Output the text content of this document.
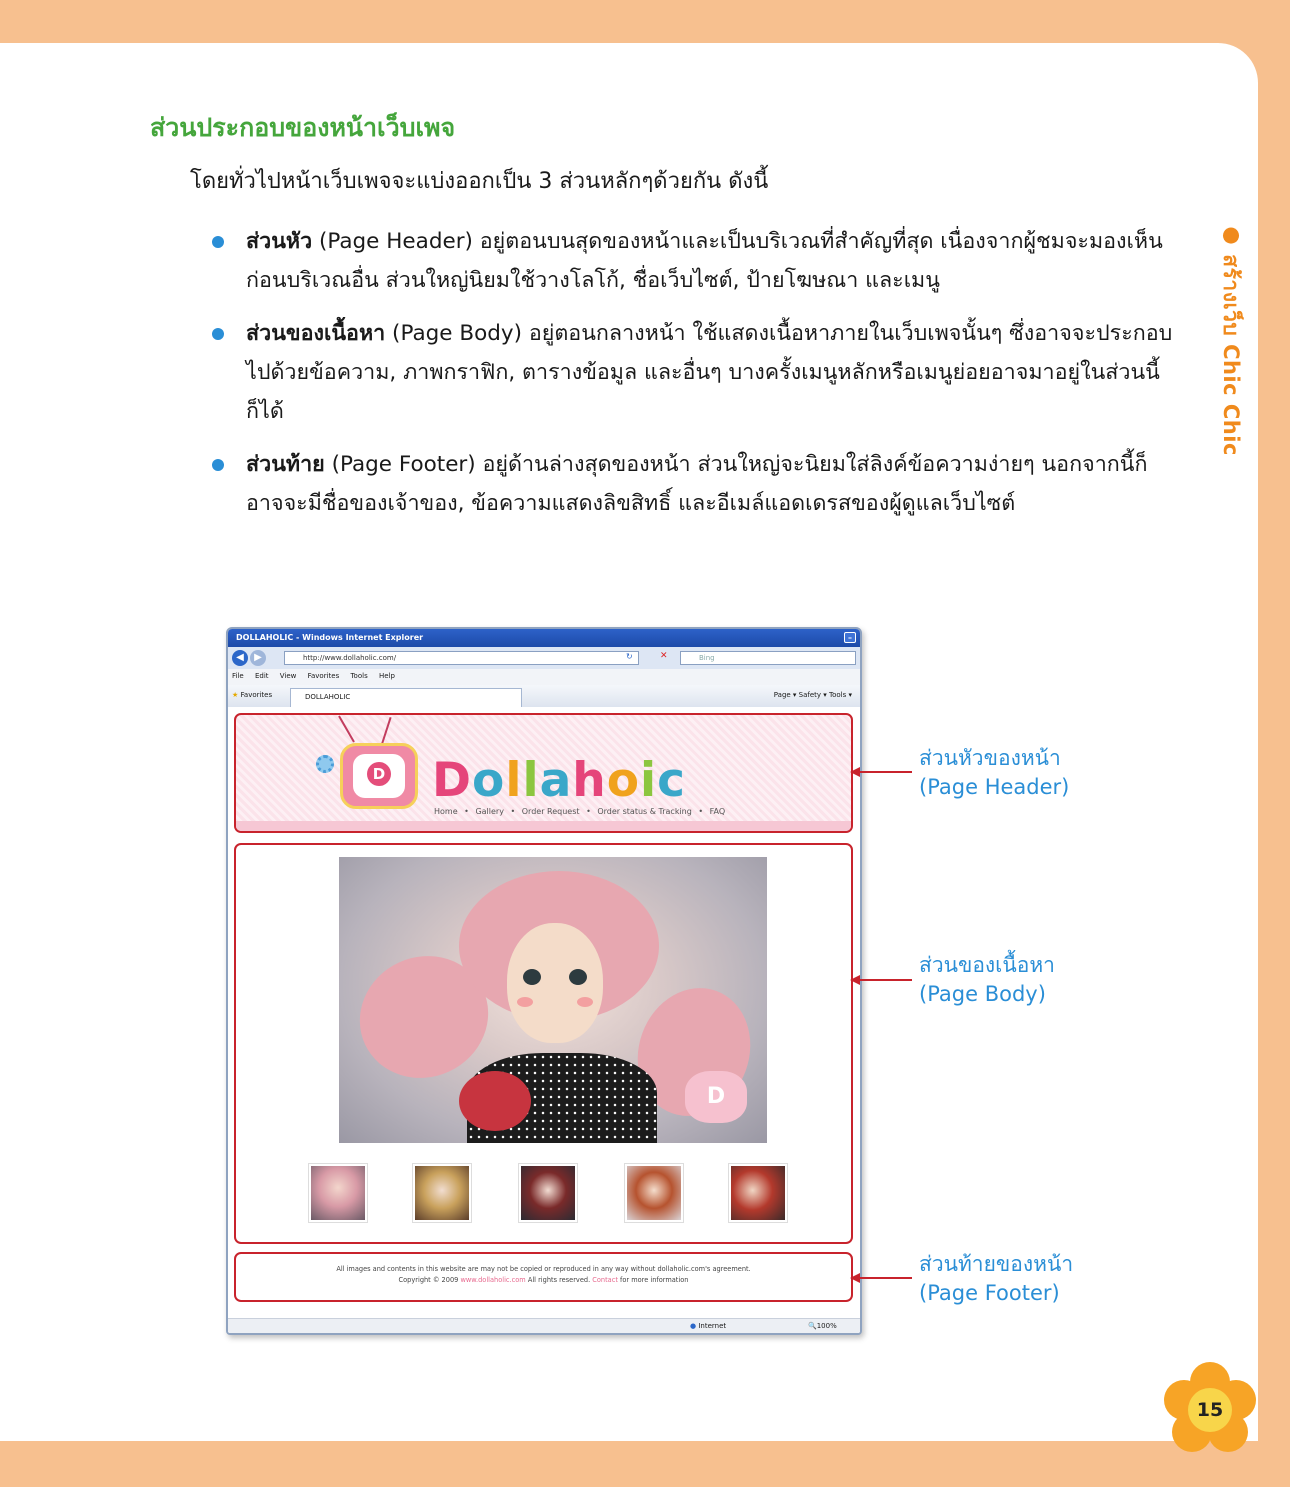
● สร้างเว็บ Chic Chic
ส่วนประกอบของหน้าเว็บเพจ
โดยทั่วไปหน้าเว็บเพจจะแบ่งออกเป็น 3 ส่วนหลักๆด้วยกัน ดังนี้
ส่วนหัว (Page Header) อยู่ตอนบนสุดของหน้าและเป็นบริเวณที่สำคัญที่สุด เนื่องจากผู้ชมจะมองเห็นก่อนบริเวณอื่น ส่วนใหญ่นิยมใช้วางโลโก้, ชื่อเว็บไซต์, ป้ายโฆษณา และเมนู
ส่วนของเนื้อหา (Page Body) อยู่ตอนกลางหน้า ใช้แสดงเนื้อหาภายในเว็บเพจนั้นๆ ซึ่งอาจจะประกอบไปด้วยข้อความ, ภาพกราฟิก, ตารางข้อมูล และอื่นๆ บางครั้งเมนูหลักหรือเมนูย่อยอาจมาอยู่ในส่วนนี้ก็ได้
ส่วนท้าย (Page Footer) อยู่ด้านล่างสุดของหน้า ส่วนใหญ่จะนิยมใส่ลิงค์ข้อความง่ายๆ นอกจากนี้ก็อาจจะมีชื่อของเจ้าของ, ข้อความแสดงลิขสิทธิ์ และอีเมล์แอดเดรสของผู้ดูแลเว็บไซต์
DOLLAHOLIC - Windows Internet Explorer	–
◀	▶	http://www.dollaholic.com/	↻	✕	Bing
File Edit View Favorites Tools Help
★ Favorites	DOLLAHOLIC	Page ▾ Safety ▾ Tools ▾
D Dollahoic
Home • Gallery • Order Request • Order status & Tracking • FAQ
D
All images and contents in this website are may not be copied or reproduced in any way without dollaholic.com's agreement.
Copyright © 2009 www.dollaholic.com All rights reserved. Contact for more information
● Internet	🔍100%
ส่วนหัวของหน้า
(Page Header)
ส่วนของเนื้อหา
(Page Body)
ส่วนท้ายของหน้า
(Page Footer)
15
